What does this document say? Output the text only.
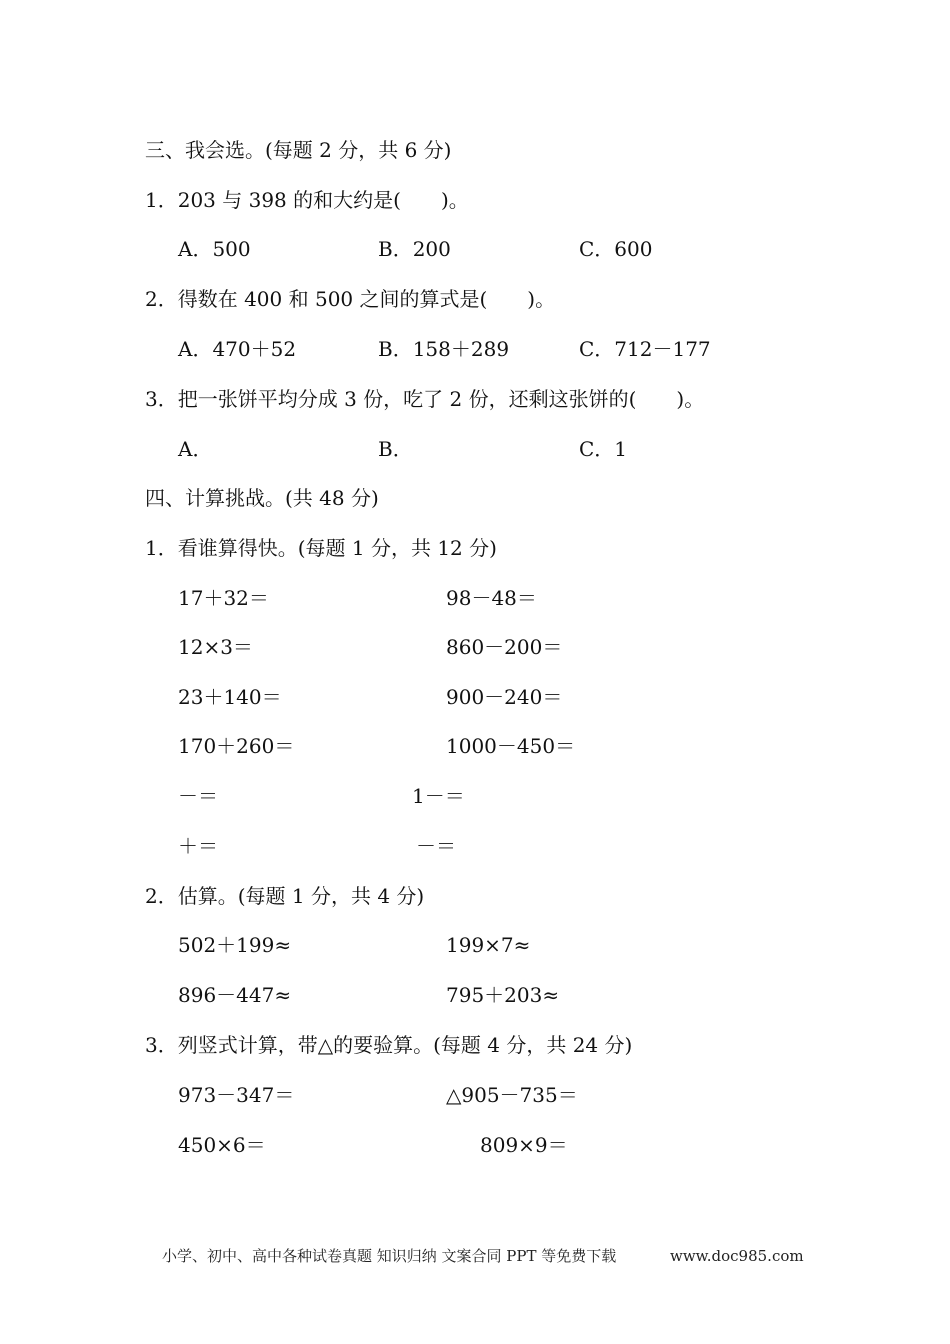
三、我会选。(每题 2 分，共 6 分)
1．203 与 398 的和大约是(　　)。
A．500	B．200	C．600
2．得数在 400 和 500 之间的算式是(　　)。
A．470＋52	B．158＋289	C．712－177
3．把一张饼平均分成 3 份，吃了 2 份，还剩这张饼的(　　)。
A．	B．	C．1
四、计算挑战。(共 48 分)
1．看谁算得快。(每题 1 分，共 12 分)
17＋32＝	98－48＝
12×3＝	860－200＝
23＋140＝	900－240＝
170＋260＝	1000－450＝
－＝	1－＝
＋＝	－＝
2．估算。(每题 1 分，共 4 分)
502＋199≈	199×7≈
896－447≈	795＋203≈
3．列竖式计算，带△的要验算。(每题 4 分，共 24 分)
973－347＝	△905－735＝
450×6＝	809×9＝
小学、初中、高中各种试卷真题 知识归纳 文案合同 PPT 等免费下载	www.doc985.com
